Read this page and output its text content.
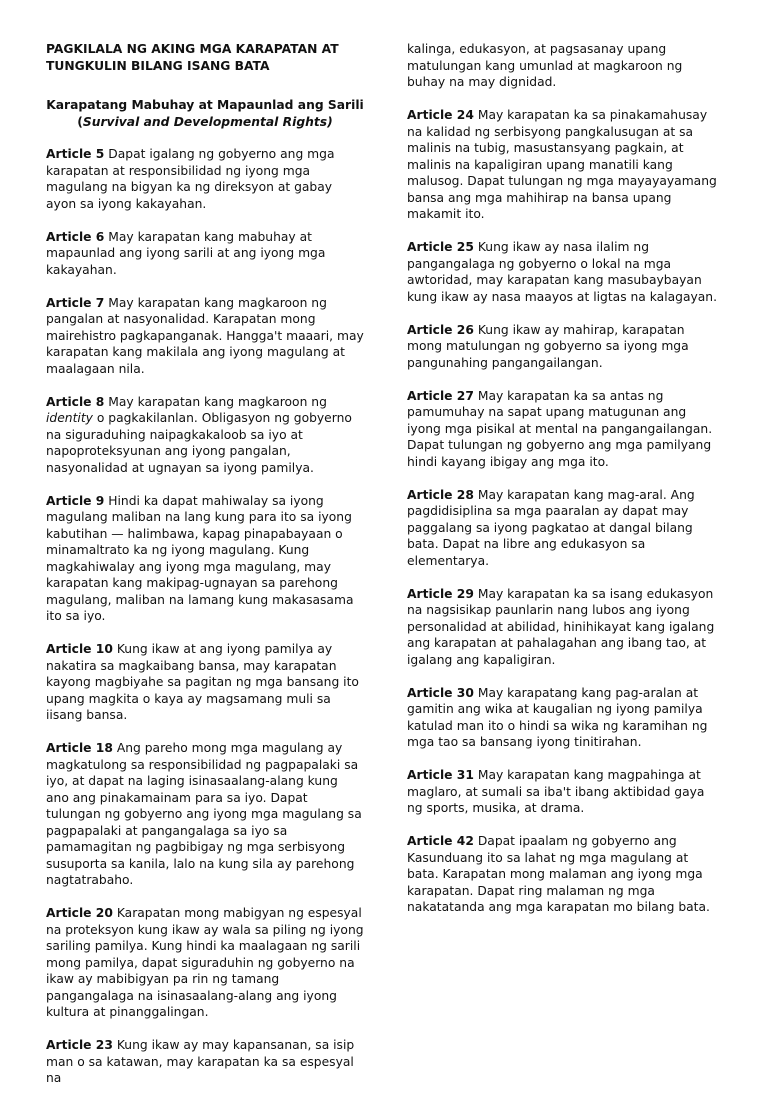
PAGKILALA NG AKING MGA KARAPATAN AT
TUNGKULIN BILANG ISANG BATA
Karapatang Mabuhay at Mapaunlad ang Sarili
(Survival and Developmental Rights)

Article 5 Dapat igalang ng gobyerno ang mga karapatan at responsibilidad ng iyong mga magulang na bigyan ka ng direksyon at gabay ayon sa iyong kakayahan.

Article 6 May karapatan kang mabuhay at mapaunlad ang iyong sarili at ang iyong mga kakayahan.

Article 7 May karapatan kang magkaroon ng pangalan at nasyonalidad. Karapatan mong mairehistro pagkapanganak. Hangga't maaari, may karapatan kang makilala ang iyong magulang at maalagaan nila.

Article 8 May karapatan kang magkaroon ng identity o pagkakilanlan. Obligasyon ng gobyerno na siguraduhing naipagkakaloob sa iyo at napoproteksyunan ang iyong pangalan, nasyonalidad at ugnayan sa iyong pamilya.

Article 9 Hindi ka dapat mahiwalay sa iyong magulang maliban na lang kung para ito sa iyong kabutihan — halimbawa, kapag pinapabayaan o minamaltrato ka ng iyong magulang. Kung magkahiwalay ang iyong mga magulang, may karapatan kang makipag-ugnayan sa parehong magulang, maliban na lamang kung makasasama ito sa iyo.

Article 10 Kung ikaw at ang iyong pamilya ay nakatira sa magkaibang bansa, may karapatan kayong magbiyahe sa pagitan ng mga bansang ito upang magkita o kaya ay magsamang muli sa iisang bansa.

Article 18 Ang pareho mong mga magulang ay magkatulong sa responsibilidad ng pagpapalaki sa iyo, at dapat na laging isinasaalang-alang kung ano ang pinakamainam para sa iyo. Dapat tulungan ng gobyerno ang iyong mga magulang sa pagpapalaki at pangangalaga sa iyo sa pamamagitan ng pagbibigay ng mga serbisyong susuporta sa kanila, lalo na kung sila ay parehong nagtatrabaho.

Article 20 Karapatan mong mabigyan ng espesyal na proteksyon kung ikaw ay wala sa piling ng iyong sariling pamilya. Kung hindi ka maalagaan ng sarili mong pamilya, dapat siguraduhin ng gobyerno na ikaw ay mabibigyan pa rin ng tamang pangangalaga na isinasaalang-alang ang iyong kultura at pinanggalingan.

Article 23 Kung ikaw ay may kapansanan, sa isip man o sa katawan, may karapatan ka sa espesyal na

kalinga, edukasyon, at pagsasanay upang matulungan kang umunlad at magkaroon ng buhay na may dignidad.

Article 24 May karapatan ka sa pinakamahusay na kalidad ng serbisyong pangkalusugan at sa malinis na tubig, masustansyang pagkain, at malinis na kapaligiran upang manatili kang malusog. Dapat tulungan ng mga mayayayamang bansa ang mga mahihirap na bansa upang makamit ito.

Article 25 Kung ikaw ay nasa ilalim ng pangangalaga ng gobyerno o lokal na mga awtoridad, may karapatan kang masubaybayan kung ikaw ay nasa maayos at ligtas na kalagayan.

Article 26 Kung ikaw ay mahirap, karapatan mong matulungan ng gobyerno sa iyong mga pangunahing pangangailangan.

Article 27 May karapatan ka sa antas ng pamumuhay na sapat upang matugunan ang iyong mga pisikal at mental na pangangailangan. Dapat tulungan ng gobyerno ang mga pamilyang hindi kayang ibigay ang mga ito.

Article 28 May karapatan kang mag-aral. Ang pagdidisiplina sa mga paaralan ay dapat may paggalang sa iyong pagkatao at dangal bilang bata. Dapat na libre ang edukasyon sa elementarya.

Article 29 May karapatan ka sa isang edukasyon na nagsisikap paunlarin nang lubos ang iyong personalidad at abilidad, hinihikayat kang igalang ang karapatan at pahalagahan ang ibang tao, at igalang ang kapaligiran.

Article 30 May karapatang kang pag-aralan at gamitin ang wika at kaugalian ng iyong pamilya katulad man ito o hindi sa wika ng karamihan ng mga tao sa bansang iyong tinitirahan.

Article 31 May karapatan kang magpahinga at maglaro, at sumali sa iba't ibang aktibidad gaya ng sports, musika, at drama.

Article 42 Dapat ipaalam ng gobyerno ang Kasunduang ito sa lahat ng mga magulang at bata. Karapatan mong malaman ang iyong mga karapatan. Dapat ring malaman ng mga nakatatanda ang mga karapatan mo bilang bata.
